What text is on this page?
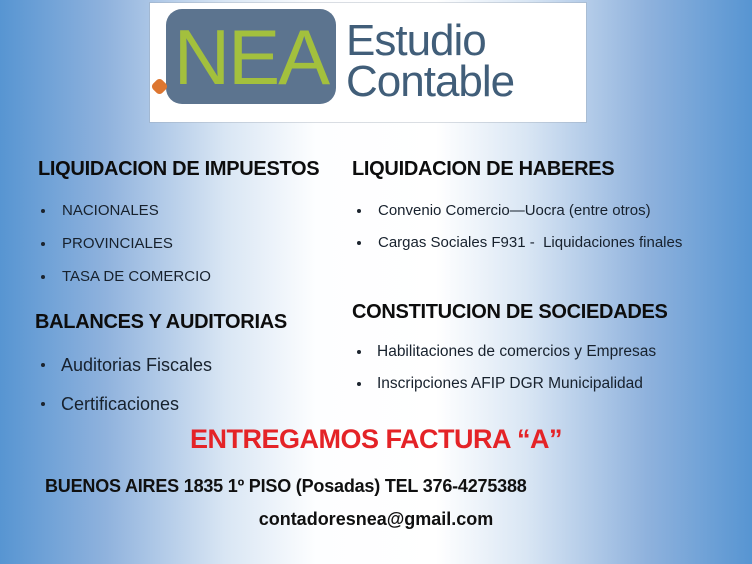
NEA Estudio
Contable
LIQUIDACION DE IMPUESTOS
NACIONALES
PROVINCIALES
TASA DE COMERCIO
LIQUIDACION DE HABERES
Convenio Comercio—Uocra (entre otros)
Cargas Sociales F931 -  Liquidaciones finales
BALANCES Y AUDITORIAS
Auditorias Fiscales
Certificaciones
CONSTITUCION DE SOCIEDADES
Habilitaciones de comercios y Empresas
Inscripciones AFIP DGR Municipalidad
ENTREGAMOS FACTURA “A”
BUENOS AIRES 1835 1º PISO (Posadas) TEL 376-4275388
contadoresnea@gmail.com
